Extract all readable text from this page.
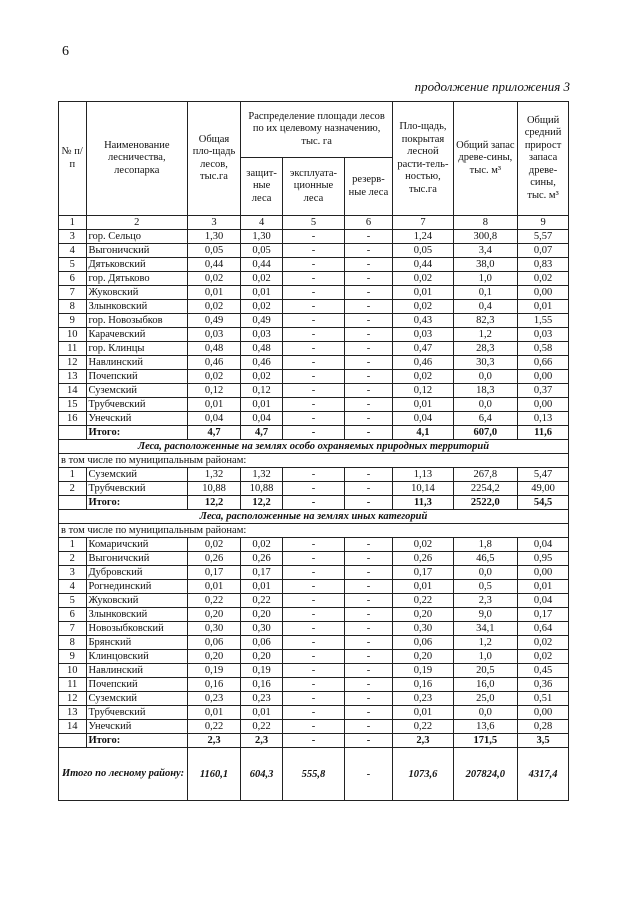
6
продолжение приложения 3
№ п/п	Наименование лесничества, лесопарка	Общая пло-щадь лесов, тыс.га	Распределение площади лесов по их целевому назначению, тыс. га			Пло-щадь, покрытая лесной расти-тель-ностью, тыс.га	Общий запас древе-сины, тыс. м³	Общий средний прирост запаса древе-сины, тыс. м³
			защит-ные леса	эксплуата-ционные леса	резерв-ные леса			
1	2	3	4	5	6	7	8	9
3	гор. Сельцо	1,30	1,30	-	-	1,24	300,8	5,57
4	Выгоничский	0,05	0,05	-	-	0,05	3,4	0,07
5	Дятьковский	0,44	0,44	-	-	0,44	38,0	0,83
6	гор. Дятьково	0,02	0,02	-	-	0,02	1,0	0,02
7	Жуковский	0,01	0,01	-	-	0,01	0,1	0,00
8	Злынковский	0,02	0,02	-	-	0,02	0,4	0,01
9	гор. Новозыбков	0,49	0,49	-	-	0,43	82,3	1,55
10	Карачевский	0,03	0,03	-	-	0,03	1,2	0,03
11	гор. Клинцы	0,48	0,48	-	-	0,47	28,3	0,58
12	Навлинский	0,46	0,46	-	-	0,46	30,3	0,66
13	Почепский	0,02	0,02	-	-	0,02	0,0	0,00
14	Суземский	0,12	0,12	-	-	0,12	18,3	0,37
15	Трубчевский	0,01	0,01	-	-	0,01	0,0	0,00
16	Унечский	0,04	0,04	-	-	0,04	6,4	0,13
	Итого:	4,7	4,7	-	-	4,1	607,0	11,6
Леса, расположенные на землях особо охраняемых природных территорий								
в том числе по муниципальным районам:								
1	Суземский	1,32	1,32	-	-	1,13	267,8	5,47
2	Трубчевский	10,88	10,88	-	-	10,14	2254,2	49,00
	Итого:	12,2	12,2	-	-	11,3	2522,0	54,5
Леса, расположенные на землях иных категорий								
в том числе по муниципальным районам:								
1	Комаричский	0,02	0,02	-	-	0,02	1,8	0,04
2	Выгоничский	0,26	0,26	-	-	0,26	46,5	0,95
3	Дубровский	0,17	0,17	-	-	0,17	0,0	0,00
4	Рогнединский	0,01	0,01	-	-	0,01	0,5	0,01
5	Жуковский	0,22	0,22	-	-	0,22	2,3	0,04
6	Злынковский	0,20	0,20	-	-	0,20	9,0	0,17
7	Новозыбковский	0,30	0,30	-	-	0,30	34,1	0,64
8	Брянский	0,06	0,06	-	-	0,06	1,2	0,02
9	Клинцовский	0,20	0,20	-	-	0,20	1,0	0,02
10	Навлинский	0,19	0,19	-	-	0,19	20,5	0,45
11	Почепский	0,16	0,16	-	-	0,16	16,0	0,36
12	Суземский	0,23	0,23	-	-	0,23	25,0	0,51
13	Трубчевский	0,01	0,01	-	-	0,01	0,0	0,00
14	Унечский	0,22	0,22	-	-	0,22	13,6	0,28
	Итого:	2,3	2,3	-	-	2,3	171,5	3,5
Итого по лесному району:		1160,1	604,3	555,8	-	1073,6	207824,0	4317,4
